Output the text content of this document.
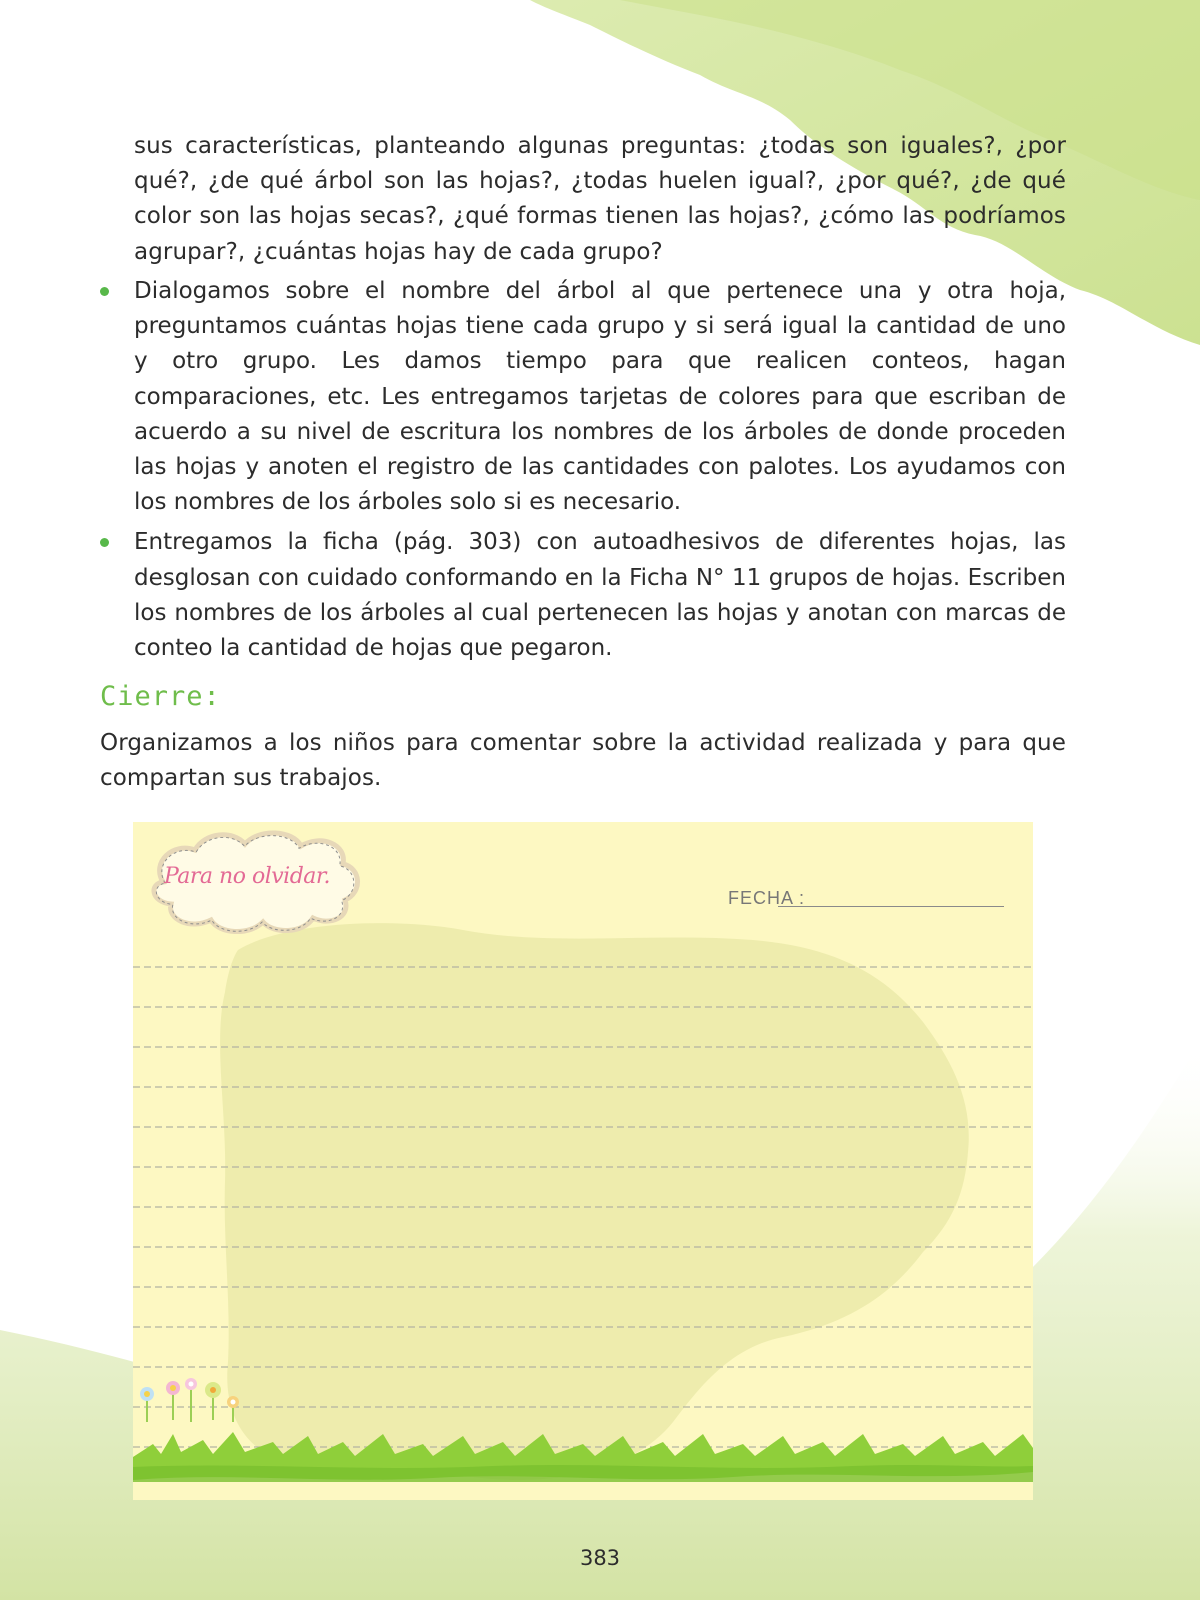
sus características, planteando algunas preguntas: ¿todas son iguales?, ¿por qué?, ¿de qué árbol son las hojas?, ¿todas huelen igual?, ¿por qué?, ¿de qué color son las hojas secas?, ¿qué formas tienen las hojas?, ¿cómo las podríamos agrupar?, ¿cuántas hojas hay de cada grupo?

Dialogamos sobre el nombre del árbol al que pertenece una y otra hoja, preguntamos cuántas hojas tiene cada grupo y si será igual la cantidad de uno y otro grupo. Les damos tiempo para que realicen conteos, hagan comparaciones, etc. Les entregamos tarjetas de colores para que escriban de acuerdo a su nivel de escritura los nombres de los árboles de donde proceden las hojas y anoten el registro de las cantidades con palotes. Los ayudamos con los nombres de los árboles solo si es necesario.
Entregamos la ficha (pág. 303) con autoadhesivos de diferentes hojas, las desglosan con cuidado conformando en la Ficha N° 11 grupos de hojas. Escriben los nombres de los árboles al cual pertenecen las hojas y anotan con marcas de conteo la cantidad de hojas que pegaron.
Cierre:

Organizamos a los niños para comentar sobre la actividad realizada y para que compartan sus trabajos.

Para no olvidar.
FECHA :
383
